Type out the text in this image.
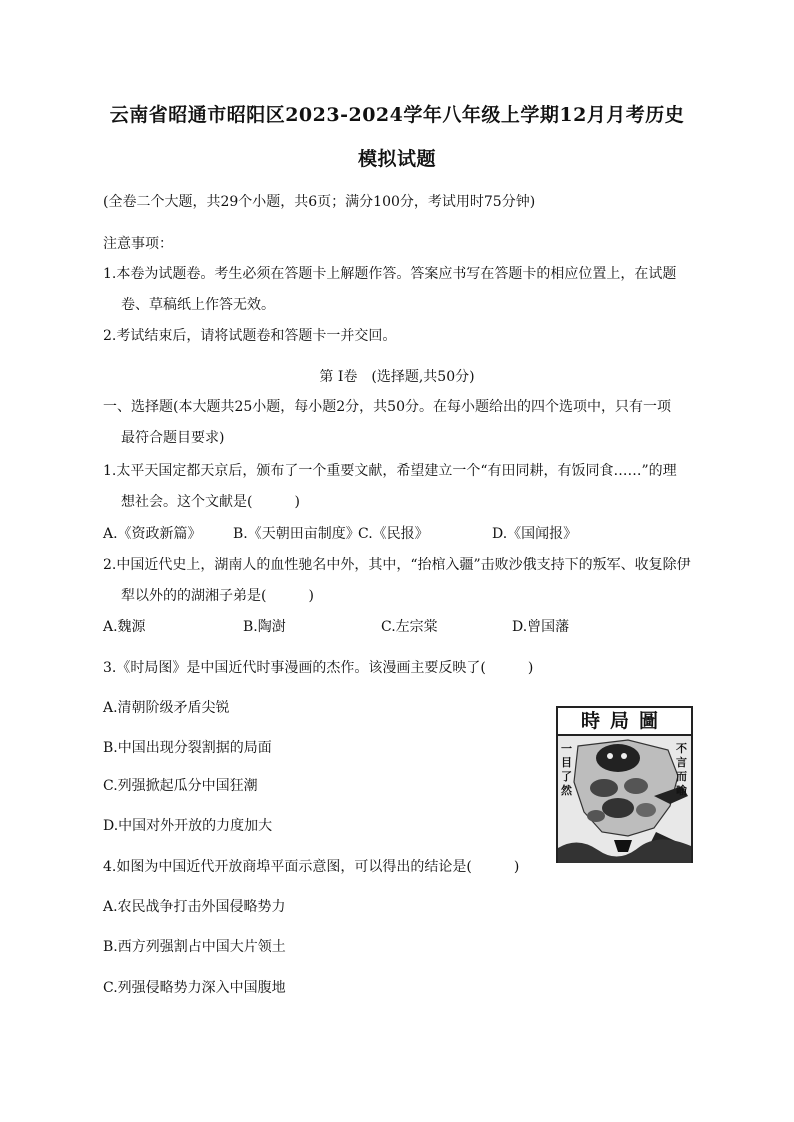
云南省昭通市昭阳区2023-2024学年八年级上学期12月月考历史
模拟试题
(全卷二个大题，共29个小题，共6页；满分100分，考试用时75分钟)
注意事项：
1.本卷为试题卷。考生必须在答题卡上解题作答。答案应书写在答题卡的相应位置上，在试题
卷、草稿纸上作答无效。
2.考试结束后，请将试题卷和答题卡一并交回。
第 I卷　(选择题,共50分)
一、选择题(本大题共25小题，每小题2分，共50分。在每小题给出的四个选项中，只有一项
最符合题目要求)
1.太平天国定都天京后，颁布了一个重要文献，希望建立一个“有田同耕，有饭同食……”的理
想社会。这个文献是(　　　)
A.《资政新篇》 B.《天朝田亩制度》
C.《民报》	D.《国闻报》
2.中国近代史上，湖南人的血性驰名中外，其中，“抬棺入疆”击败沙俄支持下的叛军、收复除伊
犁以外的的湖湘子弟是(　　　)
A.魏源	B.陶澍	C.左宗棠	D.曾国藩
3.《时局图》是中国近代时事漫画的杰作。该漫画主要反映了(　　　)
A.清朝阶级矛盾尖锐
B.中国出现分裂割据的局面
C.列强掀起瓜分中国狂潮
D.中国对外开放的力度加大
時局圖
一目了然
不言而喻
4.如图为中国近代开放商埠平面示意图，可以得出的结论是(　　　)
A.农民战争打击外国侵略势力
B.西方列强割占中国大片领土
C.列强侵略势力深入中国腹地
